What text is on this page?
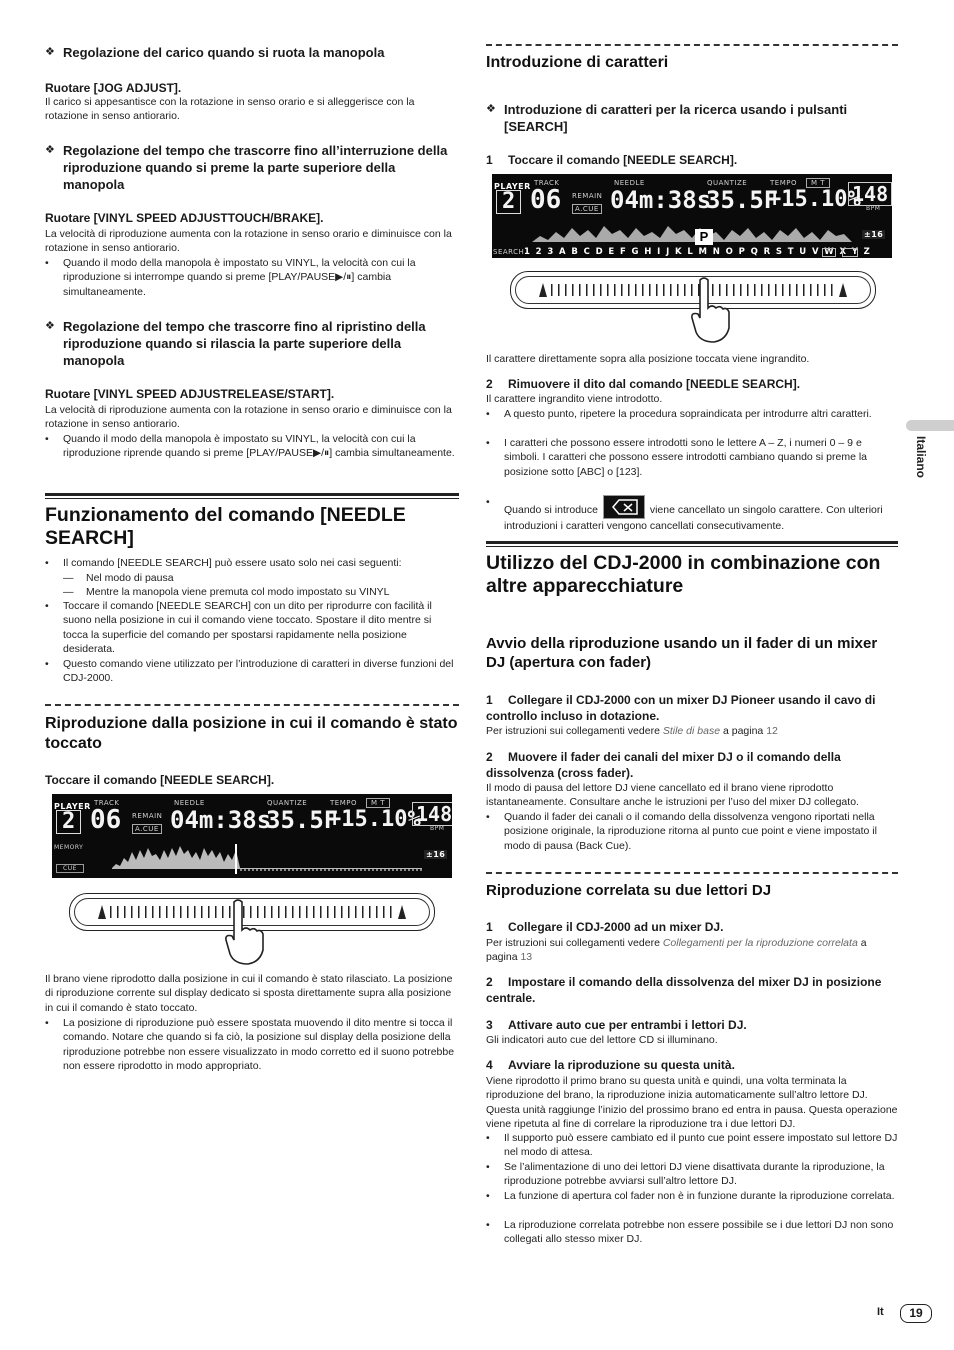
❖ Regolazione del carico quando si ruota la manopola
Ruotare [JOG ADJUST].
Il carico si appesantisce con la rotazione in senso orario e si alleggerisce con la rotazione in senso antiorario.
❖ Regolazione del tempo che trascorre fino all’interruzione della riproduzione quando si preme la parte superiore della manopola
Ruotare [VINYL SPEED ADJUSTTOUCH/BRAKE].
La velocità di riproduzione aumenta con la rotazione in senso orario e diminuisce con la rotazione in senso antiorario.
•	Quando il modo della manopola è impostato su VINYL, la velocità con cui la riproduzione si interrompe quando si preme [PLAY/PAUSE▶/⏸] cambia simultaneamente.
❖ Regolazione del tempo che trascorre fino al ripristino della riproduzione quando si rilascia la parte superiore della manopola
Ruotare [VINYL SPEED ADJUSTRELEASE/START].
La velocità di riproduzione aumenta con la rotazione in senso orario e diminuisce con la rotazione in senso antiorario.
•	Quando il modo della manopola è impostato su VINYL, la velocità con cui la riproduzione riprende quando si preme [PLAY/PAUSE▶/⏸] cambia simultaneamente.
Funzionamento del comando [NEEDLE SEARCH]
•	Il comando [NEEDLE SEARCH] può essere usato solo nei casi seguenti:
—	Nel modo di pausa
—	Mentre la manopola viene premuta col modo impostato su VINYL
•	Toccare il comando [NEEDLE SEARCH] con un dito per riprodurre con facilità il suono nella posizione in cui il comando viene toccato. Spostare il dito mentre si tocca la superficie del comando per spostarsi rapidamente nella posizione desiderata.
•	Questo comando viene utilizzato per l’introduzione di caratteri in diverse funzioni del CDJ-2000.
Riproduzione dalla posizione in cui il comando è stato toccato
Toccare il comando [NEEDLE SEARCH].
PLAYER
2
TRACK
06 REMAIN
A.CUE
NEEDLE
04m:38s
QUANTIZE
35.5F
TEMPO	M T
+15.10%
148
BPM
MEMORY
CUE
±16
Il brano viene riprodotto dalla posizione in cui il comando è stato rilasciato. La posizione di riproduzione corrente sul display dedicato si sposta direttamente supra alla posizione in cui il comando è stato toccato.
•	La posizione di riproduzione può essere spostata muovendo il dito mentre si tocca il comando. Notare che quando si fa ciò, la posizione sul display della posizione della riproduzione potrebbe non essere visualizzato in modo corretto ed il suono potrebbe non essere riprodotto in modo appropriato.
Introduzione di caratteri
❖ Introduzione di caratteri per la ricerca usando i pulsanti [SEARCH]
1 Toccare il comando [NEEDLE SEARCH].
PLAYER
2
TRACK
06 REMAIN
A.CUE
NEEDLE
04m:38s
QUANTIZE
35.5F
TEMPO	M T
+15.10%
148
BPM
P	±16
SEARCH 1 2 3 A B C D E F G H I J K L M N O P Q R S T U V W X Y Z
Il carattere direttamente sopra alla posizione toccata viene ingrandito.
2 Rimuovere il dito dal comando [NEEDLE SEARCH].
Il carattere ingrandito viene introdotto.
•	A questo punto, ripetere la procedura sopraindicata per introdurre altri caratteri.
•	I caratteri che possono essere introdotti sono le lettere A – Z, i numeri 0 – 9 e simboli. I caratteri che possono essere introdotti cambiano quando si preme la posizione sotto [ABC] o [123].
•
Quando si introduce	viene cancellato un singolo carattere. Con ulteriori introduzioni i caratteri vengono cancellati consecutivamente.
Utilizzo del CDJ-2000 in combinazione con altre apparecchiature
Avvio della riproduzione usando un il fader di un mixer DJ (apertura con fader)
1 Collegare il CDJ-2000 con un mixer DJ Pioneer usando il cavo di controllo incluso in dotazione.
Per istruzioni sui collegamenti vedere Stile di base a pagina 12
2 Muovere il fader dei canali del mixer DJ o il comando della dissolvenza (cross fader).
Il modo di pausa del lettore DJ viene cancellato ed il brano viene riprodotto istantaneamente. Consultare anche le istruzioni per l’uso del mixer DJ collegato.
•	Quando il fader dei canali o il comando della dissolvenza vengono riportati nella posizione originale, la riproduzione ritorna al punto cue point e viene impostato il modo di pausa (Back Cue).
Riproduzione correlata su due lettori DJ
1 Collegare il CDJ-2000 ad un mixer DJ.
Per istruzioni sui collegamenti vedere Collegamenti per la riproduzione correlata a pagina 13
2 Impostare il comando della dissolvenza del mixer DJ in posizione centrale.
3 Attivare auto cue per entrambi i lettori DJ.
Gli indicatori auto cue del lettore CD si illuminano.
4 Avviare la riproduzione su questa unità.
Viene riprodotto il primo brano su questa unità e quindi, una volta terminata la riproduzione del brano, la riproduzione inizia automaticamente sull’altro lettore DJ. Questa unità raggiunge l’inizio del prossimo brano ed entra in pausa. Questa operazione viene ripetuta al fine di correlare la riproduzione tra i due lettori DJ.
•	Il supporto può essere cambiato ed il punto cue point essere impostato sul lettore DJ nel modo di attesa.
•	Se l’alimentazione di uno dei lettori DJ viene disattivata durante la riproduzione, la riproduzione potrebbe avviarsi sull’altro lettore DJ.
•	La funzione di apertura col fader non è in funzione durante la riproduzione correlata.
•	La riproduzione correlata potrebbe non essere possibile se i due lettori DJ non sono collegati allo stesso mixer DJ.
Italiano
It	19
